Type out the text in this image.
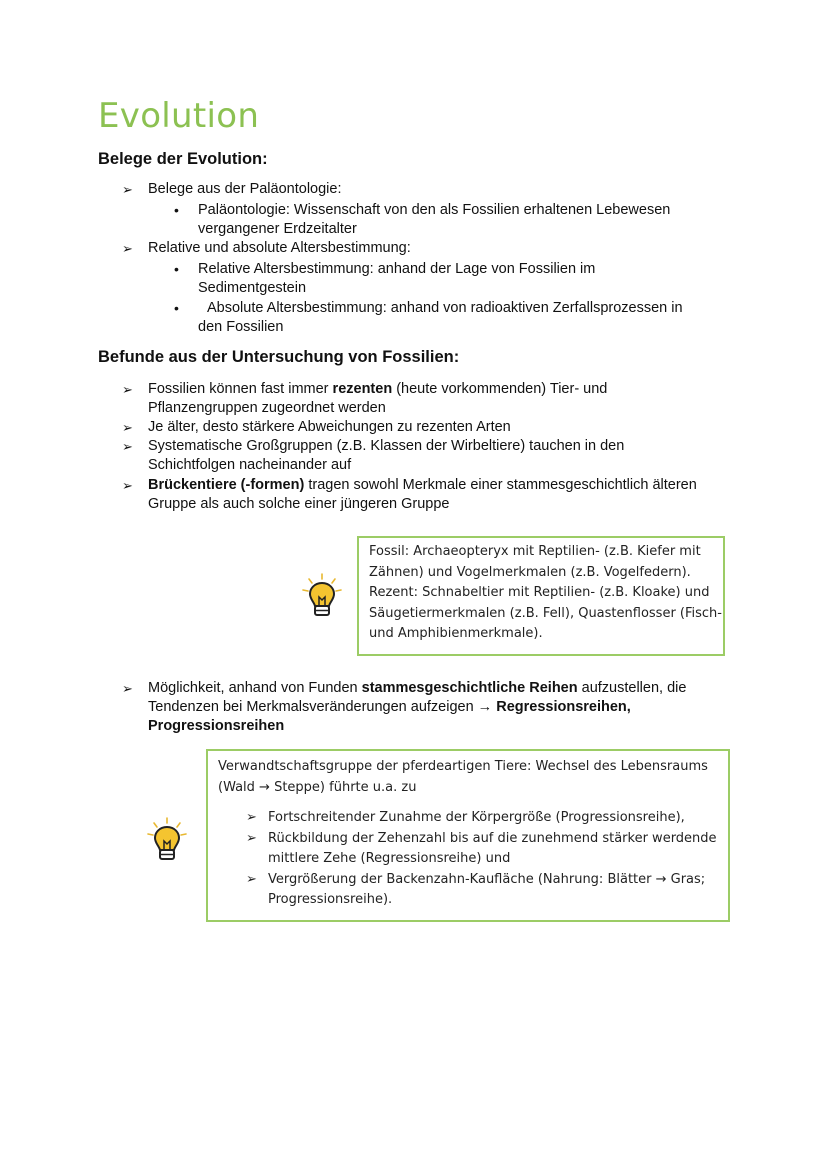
Evolution
Belege der Evolution:
➢ Belege aus der Paläontologie:
• Paläontologie: Wissenschaft von den als Fossilien erhaltenen Lebewesen
vergangener Erdzeitalter
➢ Relative und absolute Altersbestimmung:
• Relative Altersbestimmung: anhand der Lage von Fossilien im
Sedimentgestein
• Absolute Altersbestimmung: anhand von radioaktiven Zerfallsprozessen in
den Fossilien
Befunde aus der Untersuchung von Fossilien:
➢ Fossilien können fast immer rezenten (heute vorkommenden) Tier- und
Pflanzengruppen zugeordnet werden
➢ Je älter, desto stärkere Abweichungen zu rezenten Arten
➢ Systematische Großgruppen (z.B. Klassen der Wirbeltiere) tauchen in den
Schichtfolgen nacheinander auf
➢ Brückentiere (-formen) tragen sowohl Merkmale einer stammesgeschichtlich älteren
Gruppe als auch solche einer jüngeren Gruppe
Fossil: Archaeopteryx mit Reptilien- (z.B. Kiefer mit
Zähnen) und Vogelmerkmalen (z.B. Vogelfedern).
Rezent: Schnabeltier mit Reptilien- (z.B. Kloake) und
Säugetiermerkmalen (z.B. Fell), Quastenflosser (Fisch-
und Amphibienmerkmale).
➢ Möglichkeit, anhand von Funden stammesgeschichtliche Reihen aufzustellen, die
Tendenzen bei Merkmalsveränderungen aufzeigen → Regressionsreihen,
Progressionsreihen
Verwandtschaftsgruppe der pferdeartigen Tiere: Wechsel des Lebensraums
(Wald → Steppe) führte u.a. zu
➢ Fortschreitender Zunahme der Körpergröße (Progressionsreihe),
➢ Rückbildung der Zehenzahl bis auf die zunehmend stärker werdende
mittlere Zehe (Regressionsreihe) und
➢ Vergrößerung der Backenzahn-Kaufläche (Nahrung: Blätter → Gras;
Progressionsreihe).
